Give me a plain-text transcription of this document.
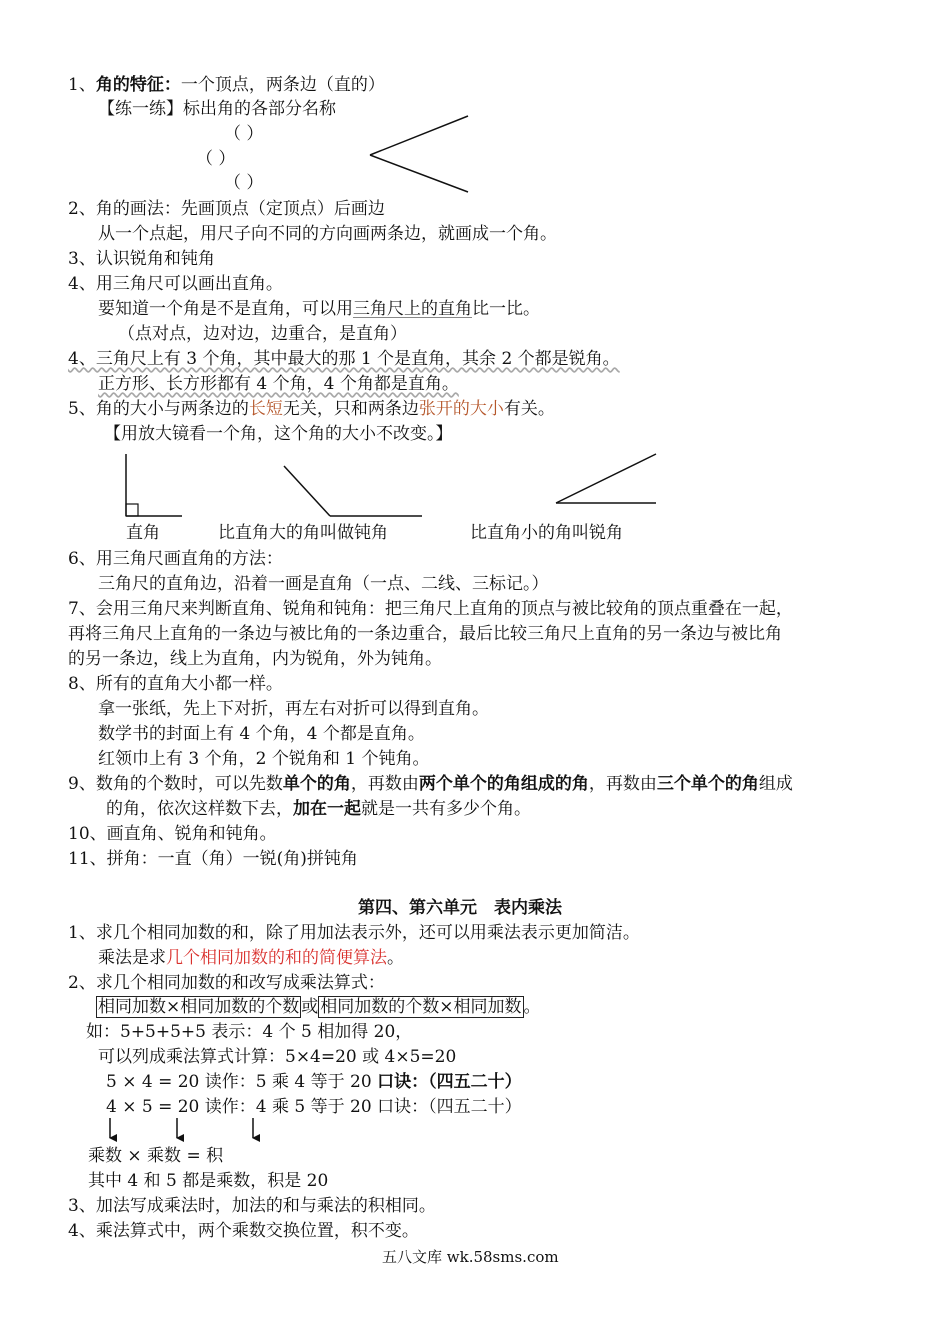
1、角的特征：一个顶点，两条边（直的）
【练一练】标出角的各部分名称
（ ）
（ ）
（ ）
2、角的画法：先画顶点（定顶点）后画边
从一个点起，用尺子向不同的方向画两条边，就画成一个角。
3、认识锐角和钝角
4、用三角尺可以画出直角。
要知道一个角是不是直角，可以用三角尺上的直角比一比。
（点对点，边对边，边重合，是直角）
4、三角尺上有 3 个角，其中最大的那 1 个是直角，其余 2 个都是锐角。
正方形、长方形都有 4 个角，4 个角都是直角。
5、角的大小与两条边的长短无关，只和两条边张开的大小有关。
【用放大镜看一个角，这个角的大小不改变。】
直角	比直角大的角叫做钝角	比直角小的角叫锐角
6、用三角尺画直角的方法：
三角尺的直角边，沿着一画是直角（一点、二线、三标记。）
7、会用三角尺来判断直角、锐角和钝角：把三角尺上直角的顶点与被比较角的顶点重叠在一起，
再将三角尺上直角的一条边与被比角的一条边重合，最后比较三角尺上直角的另一条边与被比角
的另一条边，线上为直角，内为锐角，外为钝角。
8、所有的直角大小都一样。
拿一张纸，先上下对折，再左右对折可以得到直角。
数学书的封面上有 4 个角，4 个都是直角。
红领巾上有 3 个角，2 个锐角和 1 个钝角。
9、数角的个数时，可以先数单个的角，再数由两个单个的角组成的角，再数由三个单个的角组成
的角，依次这样数下去，加在一起就是一共有多少个角。
10、画直角、锐角和钝角。
11、拼角：一直（角）一锐(角)拼钝角
第四、第六单元　表内乘法
1、求几个相同加数的和，除了用加法表示外，还可以用乘法表示更加简洁。
乘法是求几个相同加数的和的简便算法。
2、求几个相同加数的和改写成乘法算式：
相同加数×相同加数的个数 或 相同加数的个数×相同加数 。
如：5+5+5+5 表示：4 个 5 相加得 20，
可以列成乘法算式计算：5×4=20 或 4×5=20
5 × 4 = 20 读作：5 乘 4 等于 20 口诀：（四五二十）
4 × 5 = 20 读作：4 乘 5 等于 20 口诀：（四五二十）
乘数 × 乘数 = 积
其中 4 和 5 都是乘数，积是 20
3、加法写成乘法时，加法的和与乘法的积相同。
4、乘法算式中，两个乘数交换位置，积不变。
五八文库 wk.58sms.com
